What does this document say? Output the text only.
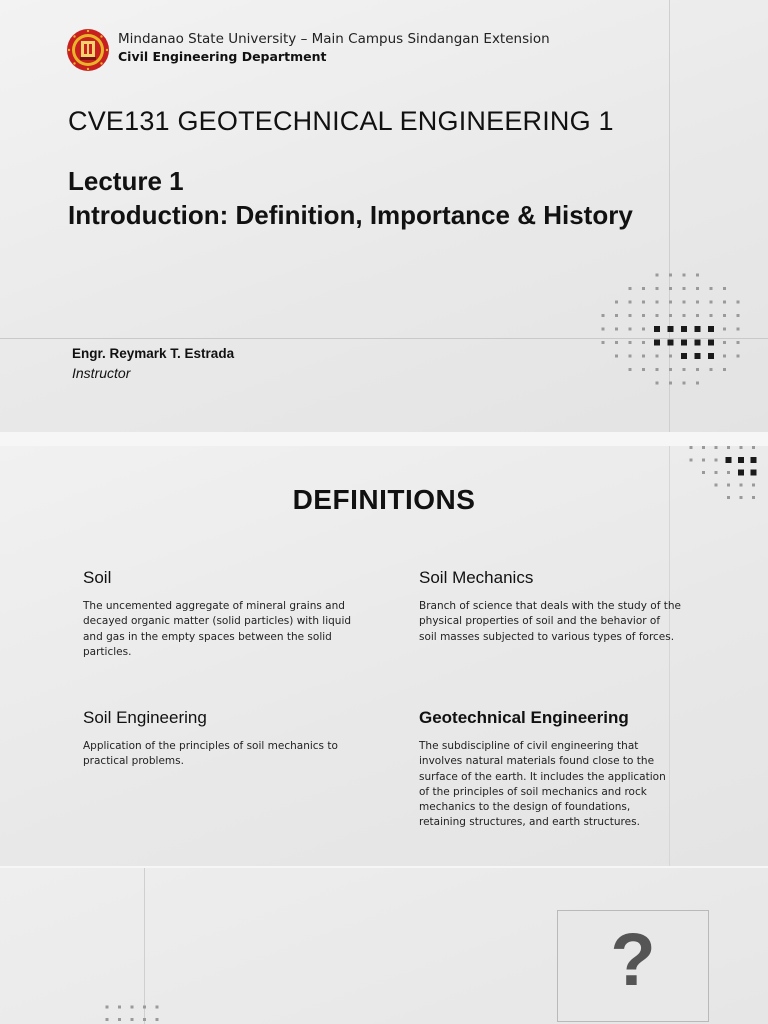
Mindanao State University – Main Campus Sindangan Extension
Civil Engineering Department
CVE131 GEOTECHNICAL ENGINEERING 1
Lecture 1
Introduction: Definition, Importance & History
Engr. Reymark T. Estrada
Instructor
DEFINITIONS
Soil

The uncemented aggregate of mineral grains and decayed organic matter (solid particles) with liquid and gas in the empty spaces between the solid particles.

Soil Mechanics

Branch of science that deals with the study of the physical properties of soil and the behavior of soil masses subjected to various types of forces.

Soil Engineering

Application of the principles of soil mechanics to practical problems.

Geotechnical Engineering

The subdiscipline of civil engineering that involves natural materials found close to the surface of the earth. It includes the application of the principles of soil mechanics and rock mechanics to the design of foundations, retaining structures, and earth structures.

?
